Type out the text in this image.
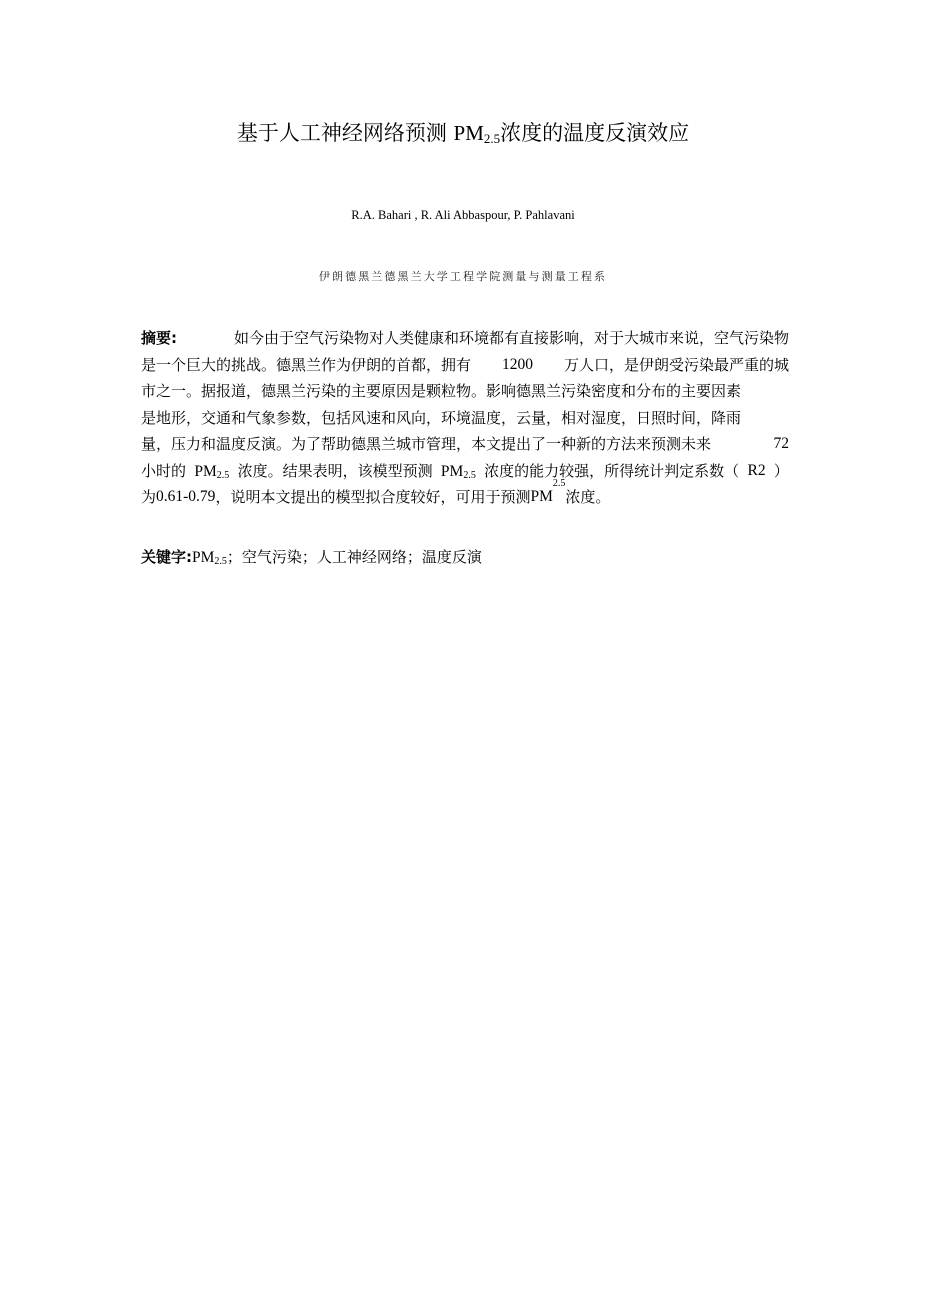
基于人工神经网络预测 $PM_{2.5}$浓度的温度反演效应
R.A. Bahari , R. Ali Abbaspour, P. Pahlavani
伊朗德黑兰德黑兰大学工程学院测量与测量工程系
摘要:	如今由于空气污染物对人类健康和环境都有直接影响，对于大城市来说，空气污染物
是一个巨大的挑战。德黑兰作为伊朗的首都，拥有 1200 万人口，是伊朗受污染最严重的城
市之一。据报道，德黑兰污染的主要原因是颗粒物。影响德黑兰污染密度和分布的主要因素
是地形，交通和气象参数，包括风速和风向，环境温度，云量，相对湿度，日照时间，降雨
量，压力和温度反演。为了帮助德黑兰城市管理，本文提出了一种新的方法来预测未来	72
小时的 $PM_{2.5}$ 浓度。结果表明，该模型预测 $PM_{2.5}$ 浓度的能力较强，所得统计判定系数（ R2 ）
为 0.61-0.79 ，说明本文提出的模型拟合度较好，可用于预测 PM
2.5
浓度。
关键字$:PM_{2.5}$；空气污染；人工神经网络；温度反演
